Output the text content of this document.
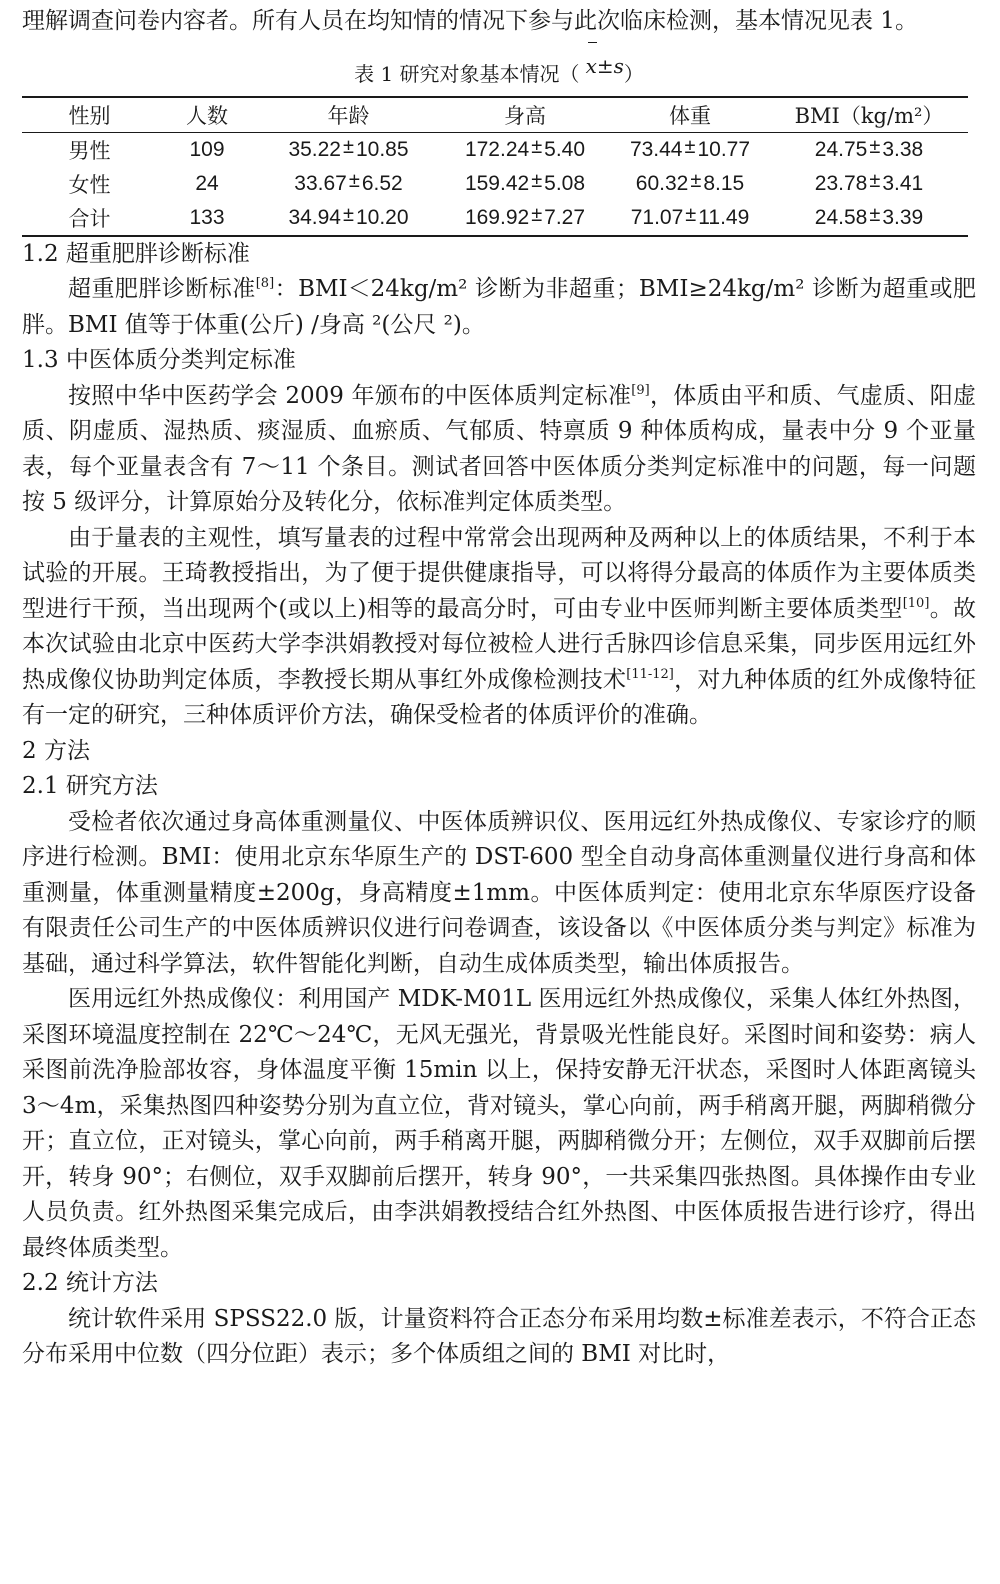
理解调查问卷内容者。所有人员在均知情的情况下参与此次临床检测，基本情况见表 1。

表 1 研究对象基本情况（ x±s）
性别	人数	年龄	身高	体重	BMI（kg/m²）
男性	109	35.22 ±10.85	172.24 ±5.40	73.44 ±10.77	24.75 ±3.38
女性	24	33.67 ±6.52	159.42 ±5.08	60.32 ±8.15	23.78 ±3.41
合计	133	34.94 ±10.20	169.92 ±7.27	71.07 ±11.49	24.58 ±3.39

1.2 超重肥胖诊断标准

超重肥胖诊断标准[8]：BMI＜24kg/m² 诊断为非超重；BMI≥24kg/m² 诊断为超重或肥胖。BMI 值等于体重(公斤) /身高 ²(公尺 ²)。

1.3 中医体质分类判定标准

按照中华中医药学会 2009 年颁布的中医体质判定标准[9]，体质由平和质、气虚质、阳虚质、阴虚质、湿热质、痰湿质、血瘀质、气郁质、特禀质 9 种体质构成，量表中分 9 个亚量表，每个亚量表含有 7～11 个条目。测试者回答中医体质分类判定标准中的问题，每一问题按 5 级评分，计算原始分及转化分，依标准判定体质类型。

由于量表的主观性，填写量表的过程中常常会出现两种及两种以上的体质结果，不利于本试验的开展。王琦教授指出，为了便于提供健康指导，可以将得分最高的体质作为主要体质类型进行干预，当出现两个(或以上)相等的最高分时，可由专业中医师判断主要体质类型[10]。故本次试验由北京中医药大学李洪娟教授对每位被检人进行舌脉四诊信息采集，同步医用远红外热成像仪协助判定体质，李教授长期从事红外成像检测技术[11-12]，对九种体质的红外成像特征有一定的研究，三种体质评价方法，确保受检者的体质评价的准确。

2 方法

2.1 研究方法

受检者依次通过身高体重测量仪、中医体质辨识仪、医用远红外热成像仪、专家诊疗的顺序进行检测。BMI：使用北京东华原生产的 DST-600 型全自动身高体重测量仪进行身高和体重测量，体重测量精度±200g，身高精度±1mm。中医体质判定：使用北京东华原医疗设备有限责任公司生产的中医体质辨识仪进行问卷调查，该设备以《中医体质分类与判定》标准为基础，通过科学算法，软件智能化判断，自动生成体质类型，输出体质报告。

医用远红外热成像仪：利用国产 MDK-M01L 医用远红外热成像仪，采集人体红外热图，采图环境温度控制在 22℃～24℃，无风无强光，背景吸光性能良好。采图时间和姿势：病人采图前洗净脸部妆容，身体温度平衡 15min 以上，保持安静无汗状态，采图时人体距离镜头 3～4m，采集热图四种姿势分别为直立位，背对镜头，掌心向前，两手稍离开腿，两脚稍微分开；直立位，正对镜头，掌心向前，两手稍离开腿，两脚稍微分开；左侧位，双手双脚前后摆开，转身 90°；右侧位，双手双脚前后摆开，转身 90°，一共采集四张热图。具体操作由专业人员负责。红外热图采集完成后，由李洪娟教授结合红外热图、中医体质报告进行诊疗，得出最终体质类型。

2.2 统计方法

统计软件采用 SPSS22.0 版，计量资料符合正态分布采用均数±标准差表示，不符合正态分布采用中位数（四分位距）表示；多个体质组之间的 BMI 对比时，
